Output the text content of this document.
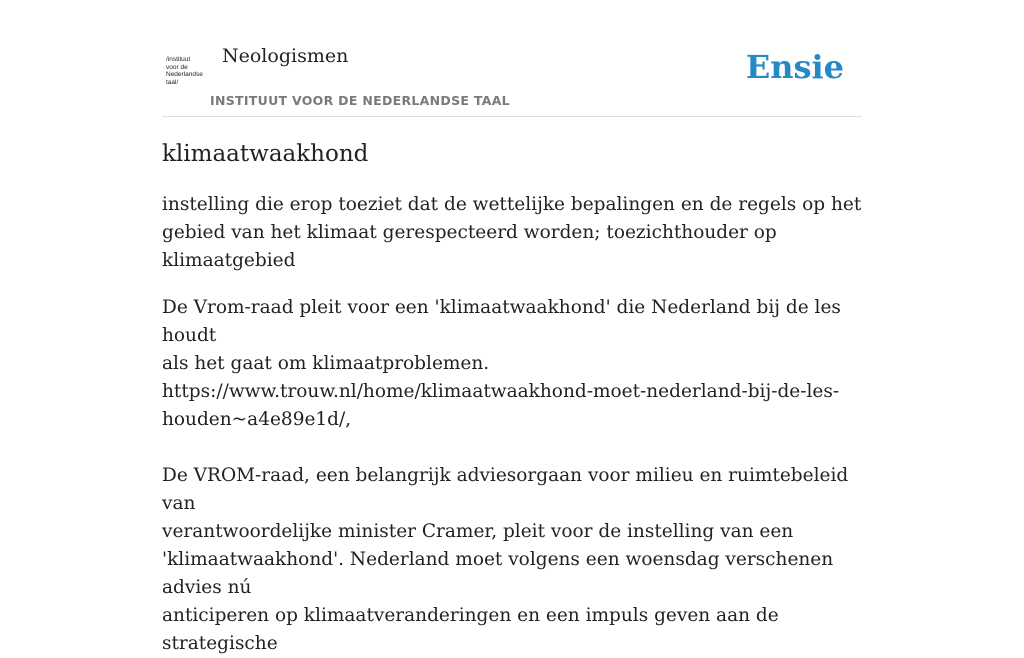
/instituut
voor de
Nederlandse
taal/
Neologismen
INSTITUUT VOOR DE NEDERLANDSE TAAL
Ensie
klimaatwaakhond

instelling die erop toeziet dat de wettelijke bepalingen en de regels op het
gebied van het klimaat gerespecteerd worden; toezichthouder op klimaatgebied

De Vrom-raad pleit voor een 'klimaatwaakhond' die Nederland bij de les houdt
als het gaat om klimaatproblemen.
https://www.trouw.nl/home/klimaatwaakhond-moet-nederland-bij-de-les-
houden~a4e89e1d/,
De VROM-raad, een belangrijk adviesorgaan voor milieu en ruimtebeleid van
verantwoordelijke minister Cramer, pleit voor de instelling van een
'klimaatwaakhond'. Nederland moet volgens een woensdag verschenen advies nú
anticiperen op klimaatveranderingen en een impuls geven aan de strategische
